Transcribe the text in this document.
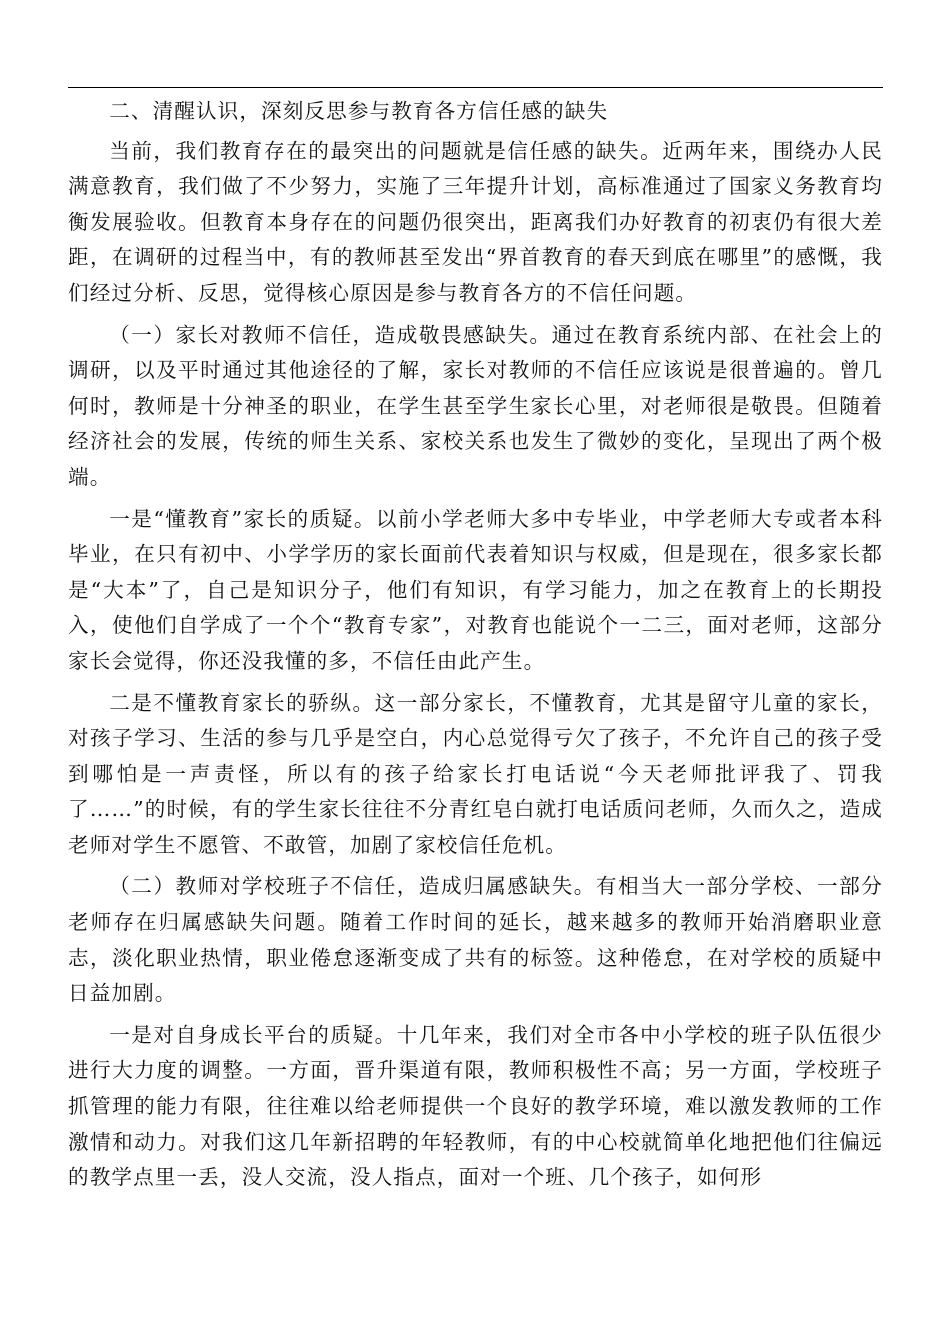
二、清醒认识，深刻反思参与教育各方信任感的缺失

当前，我们教育存在的最突出的问题就是信任感的缺失。近两年来，围绕办人民满意教育，我们做了不少努力，实施了三年提升计划，高标准通过了国家义务教育均衡发展验收。但教育本身存在的问题仍很突出，距离我们办好教育的初衷仍有很大差距，在调研的过程当中，有的教师甚至发出“界首教育的春天到底在哪里”的感慨，我们经过分析、反思，觉得核心原因是参与教育各方的不信任问题。

（一）家长对教师不信任，造成敬畏感缺失。通过在教育系统内部、在社会上的调研，以及平时通过其他途径的了解，家长对教师的不信任应该说是很普遍的。曾几何时，教师是十分神圣的职业，在学生甚至学生家长心里，对老师很是敬畏。但随着经济社会的发展，传统的师生关系、家校关系也发生了微妙的变化，呈现出了两个极端。

一是“懂教育”家长的质疑。以前小学老师大多中专毕业，中学老师大专或者本科毕业，在只有初中、小学学历的家长面前代表着知识与权威，但是现在，很多家长都是“大本”了，自己是知识分子，他们有知识，有学习能力，加之在教育上的长期投入，使他们自学成了一个个“教育专家”，对教育也能说个一二三，面对老师，这部分家长会觉得，你还没我懂的多，不信任由此产生。

二是不懂教育家长的骄纵。这一部分家长，不懂教育，尤其是留守儿童的家长，对孩子学习、生活的参与几乎是空白，内心总觉得亏欠了孩子，不允许自己的孩子受到哪怕是一声责怪，所以有的孩子给家长打电话说“今天老师批评我了、罚我了……”的时候，有的学生家长往往不分青红皂白就打电话质问老师，久而久之，造成老师对学生不愿管、不敢管，加剧了家校信任危机。

（二）教师对学校班子不信任，造成归属感缺失。有相当大一部分学校、一部分老师存在归属感缺失问题。随着工作时间的延长，越来越多的教师开始消磨职业意志，淡化职业热情，职业倦怠逐渐变成了共有的标签。这种倦怠，在对学校的质疑中日益加剧。

一是对自身成长平台的质疑。十几年来，我们对全市各中小学校的班子队伍很少进行大力度的调整。一方面，晋升渠道有限，教师积极性不高；另一方面，学校班子抓管理的能力有限，往往难以给老师提供一个良好的教学环境，难以激发教师的工作激情和动力。对我们这几年新招聘的年轻教师，有的中心校就简单化地把他们往偏远的教学点里一丢，没人交流，没人指点，面对一个班、几个孩子，如何形
